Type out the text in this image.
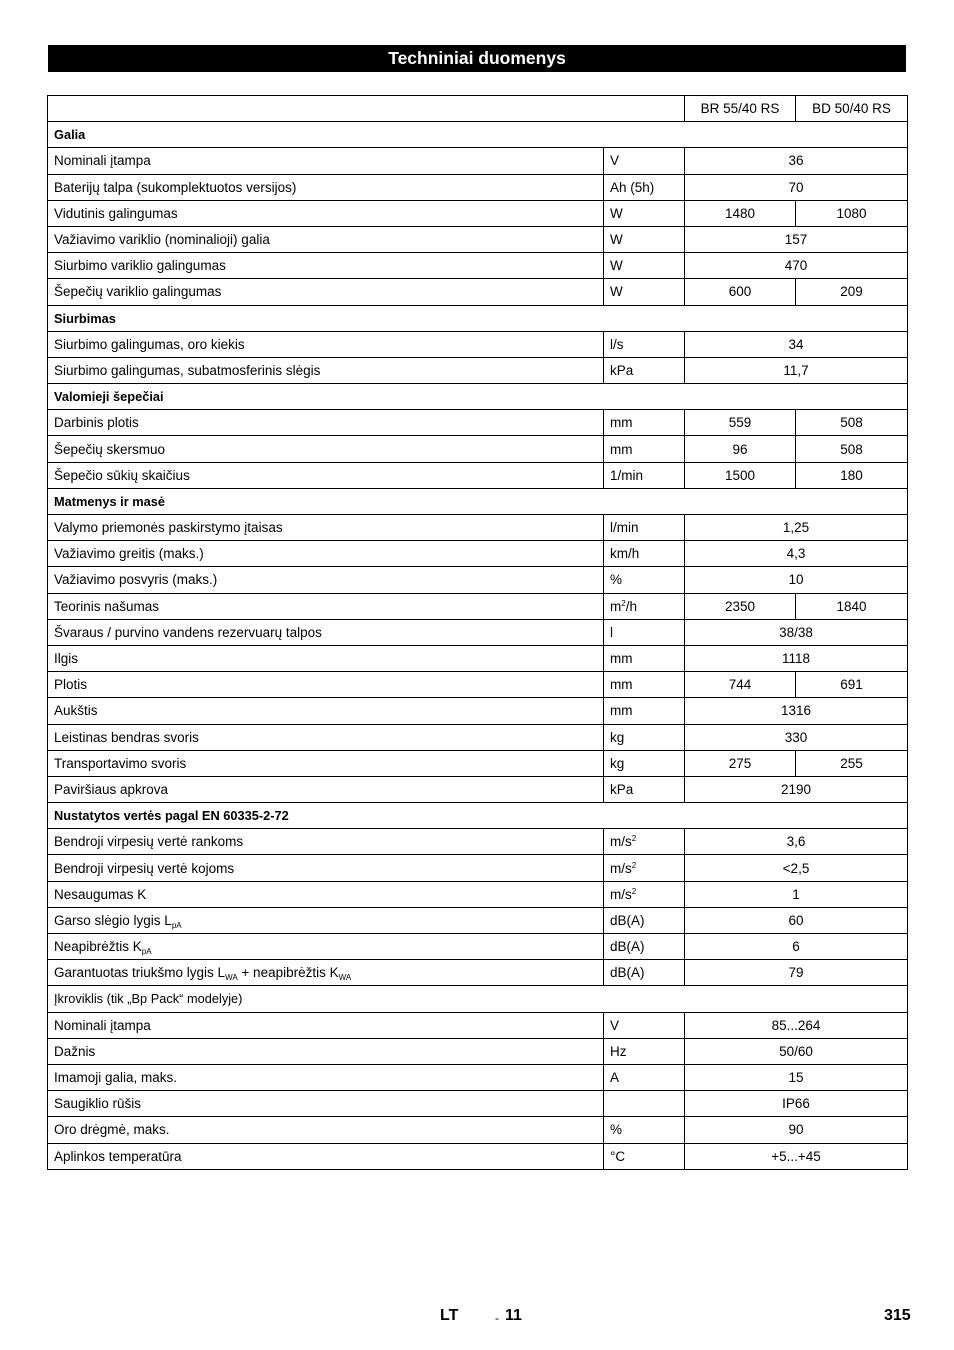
Techniniai duomenys
		BR 55/40 RS	BD 50/40 RS
Galia			
Nominali įtampa	V	36	
Baterijų talpa (sukomplektuotos versijos)	Ah (5h)	70	
Vidutinis galingumas	W	1480	1080
Važiavimo variklio (nominalioji) galia	W	157	
Siurbimo variklio galingumas	W	470	
Šepečių variklio galingumas	W	600	209
Siurbimas			
Siurbimo galingumas, oro kiekis	l/s	34	
Siurbimo galingumas, subatmosferinis slėgis	kPa	11,7	
Valomieji šepečiai			
Darbinis plotis	mm	559	508
Šepečių skersmuo	mm	96	508
Šepečio sūkių skaičius	1/min	1500	180
Matmenys ir masė			
Valymo priemonės paskirstymo įtaisas	l/min	1,25	
Važiavimo greitis (maks.)	km/h	4,3	
Važiavimo posvyris (maks.)	%	10	
Teorinis našumas	$m^2/h$	2350	1840
Švaraus / purvino vandens rezervuarų talpos	l	38/38	
Ilgis	mm	1118	
Plotis	mm	744	691
Aukštis	mm	1316	
Leistinas bendras svoris	kg	330	
Transportavimo svoris	kg	275	255
Paviršiaus apkrova	kPa	2190	
Nustatytos vertės pagal EN 60335-2-72			
Bendroji virpesių vertė rankoms	$m/s^2$	3,6	
Bendroji virpesių vertė kojoms	$m/s^2$	<2,5	
Nesaugumas K	$m/s^2$	1	
Garso slėgio lygis $L_{pA}$	dB(A)	60	
Neapibrėžtis $K_{pA}$	dB(A)	6	
Garantuotas triukšmo lygis $L_{WA}$ + neapibrėžtis $K_{WA}$	dB(A)	79	
Įkroviklis (tik „Bp Pack“ modelyje)			
Nominali įtampa	V	85...264	
Dažnis	Hz	50/60	
Imamoji galia, maks.	A	15	
Saugiklio rūšis		IP66	
Oro drėgmė, maks.	%	90	
Aplinkos temperatūra	°C	+5...+45	
LT	- 11	315
